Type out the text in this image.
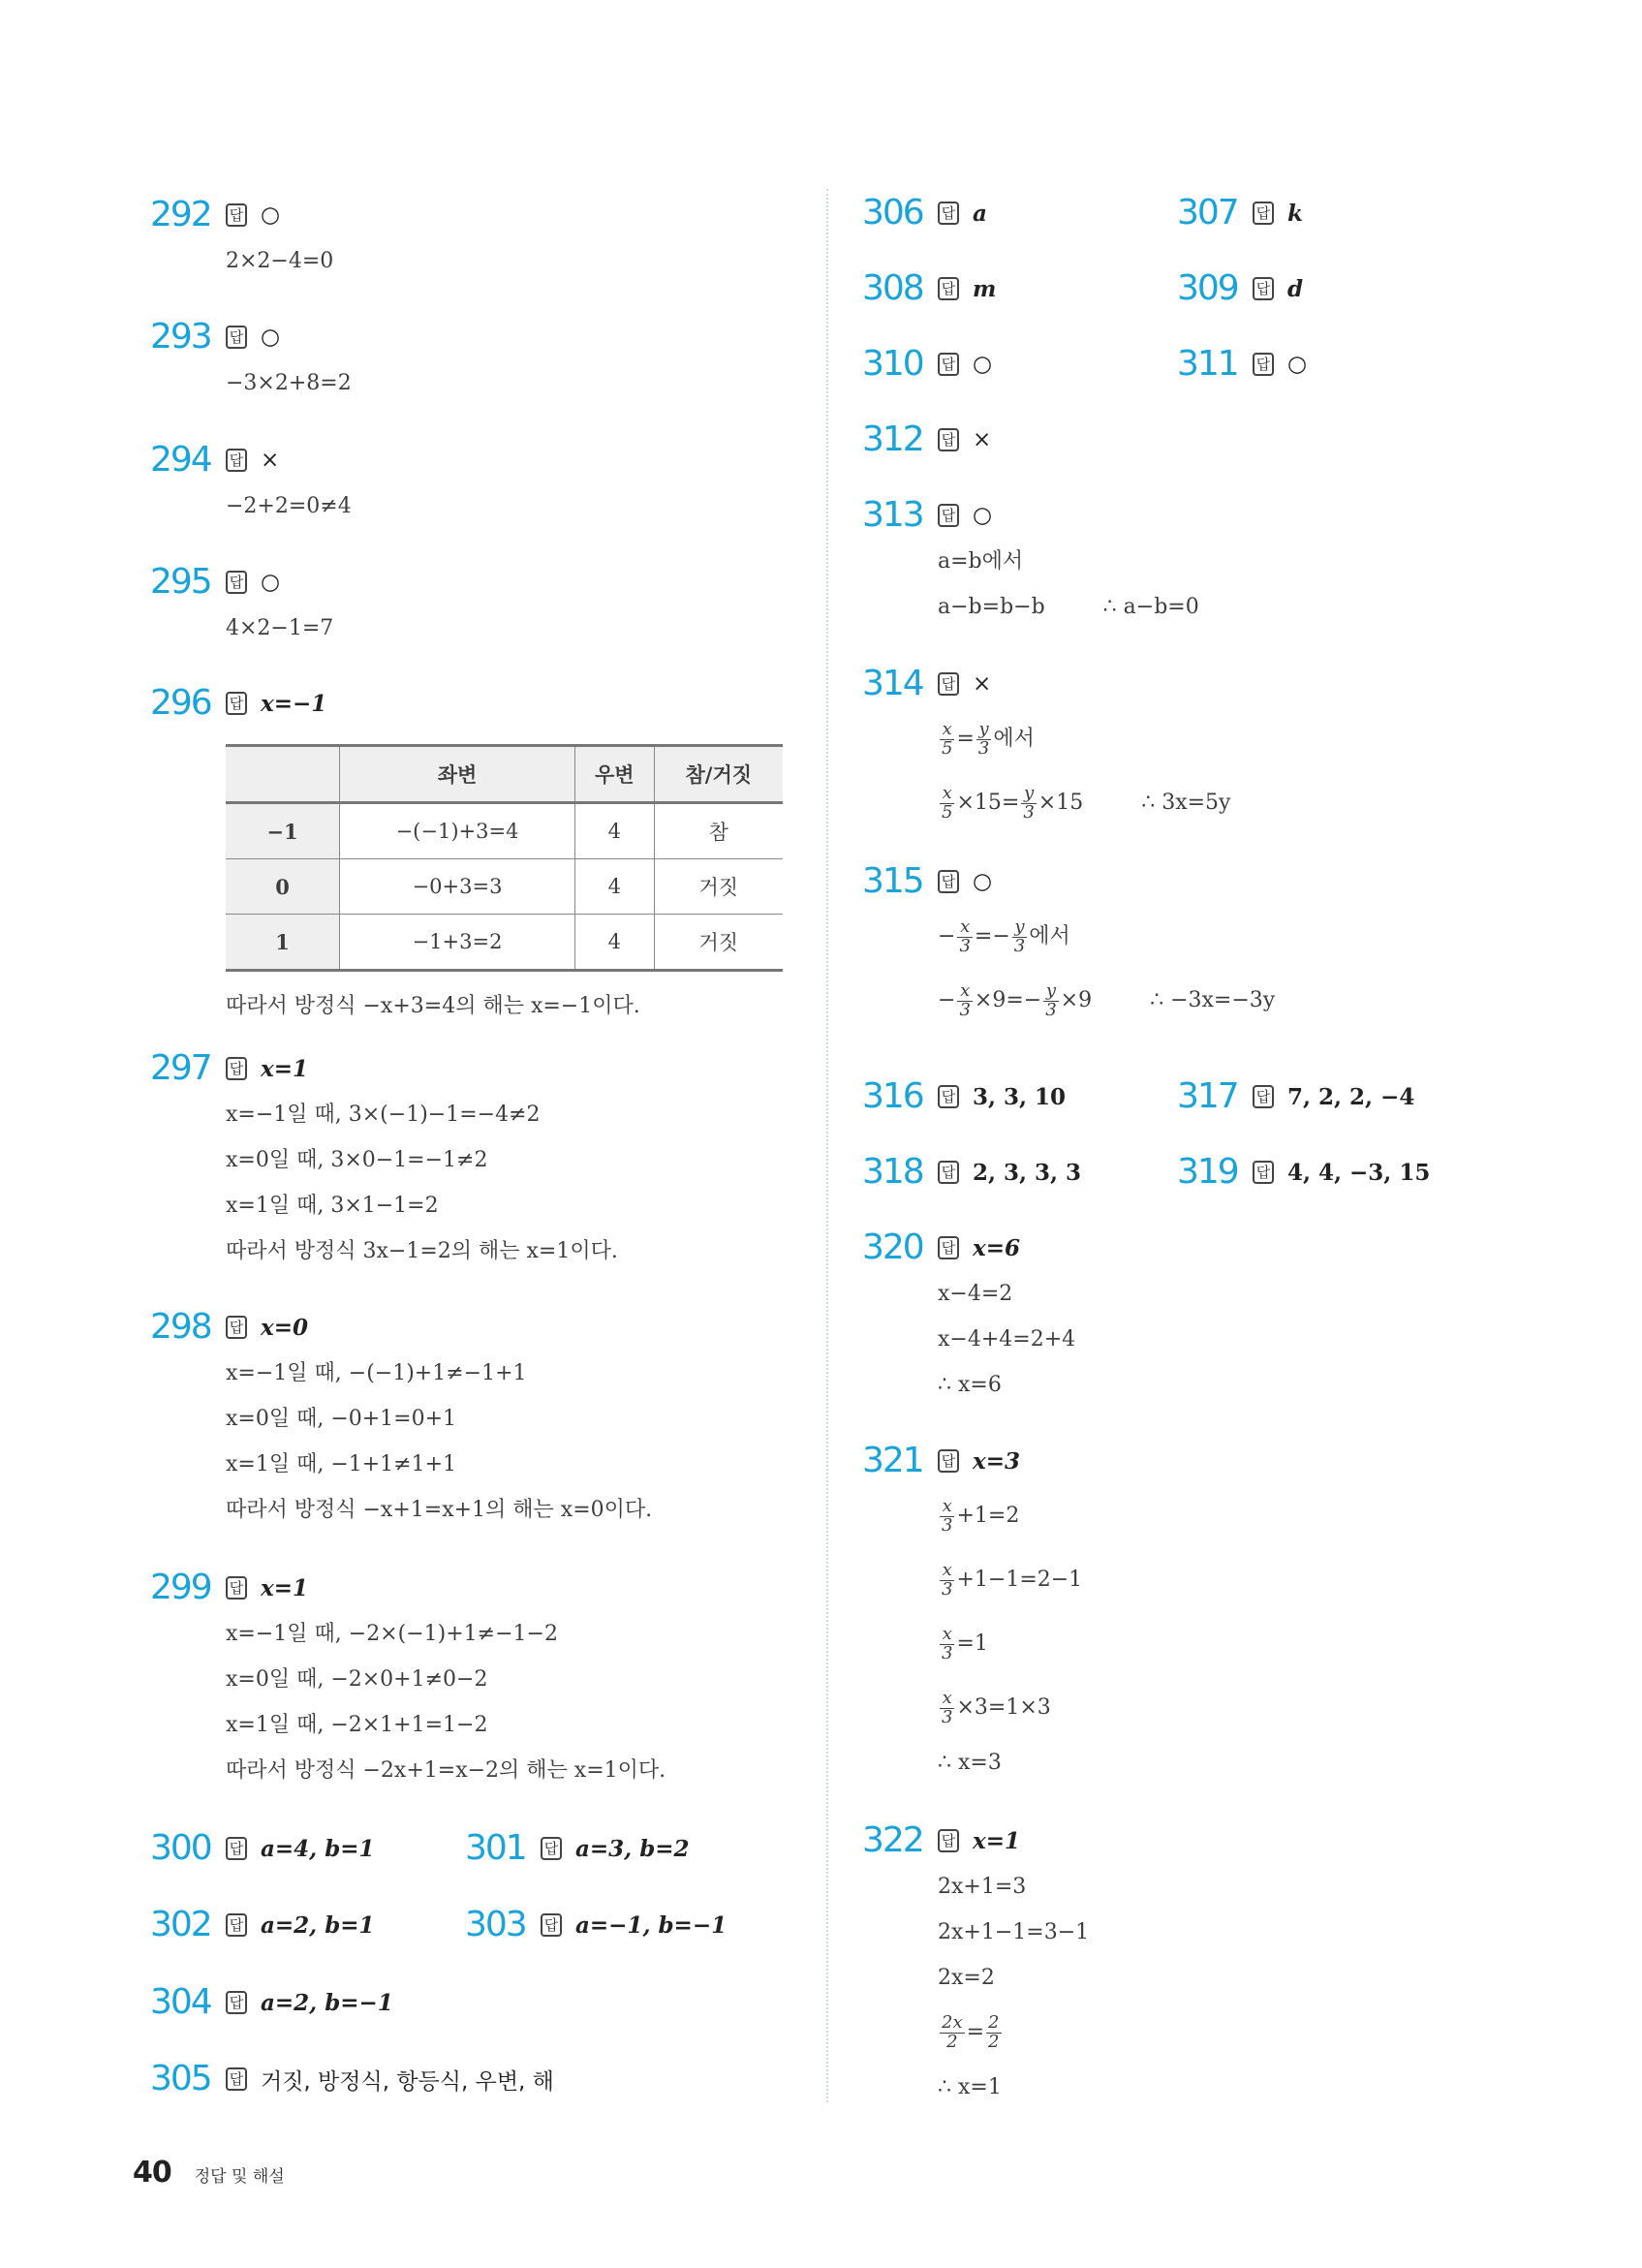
292	답 ○
2×2−4=0
293	답 ○
−3×2+8=2
294	답 ×
−2+2=0≠4
295	답 ○
4×2−1=7
296	답 x=−1
	좌변	우변	참/거짓
−1	−(−1)+3=4	4	참
0	−0+3=3	4	거짓
1	−1+3=2	4	거짓
따라서 방정식 −x+3=4의 해는 x=−1이다.
297	답 x=1
x=−1일 때, 3×(−1)−1=−4≠2
x=0일 때, 3×0−1=−1≠2
x=1일 때, 3×1−1=2
따라서 방정식 3x−1=2의 해는 x=1이다.
298	답 x=0
x=−1일 때, −(−1)+1≠−1+1
x=0일 때, −0+1=0+1
x=1일 때, −1+1≠1+1
따라서 방정식 −x+1=x+1의 해는 x=0이다.
299	답 x=1
x=−1일 때, −2×(−1)+1≠−1−2
x=0일 때, −2×0+1≠0−2
x=1일 때, −2×1+1=1−2
따라서 방정식 −2x+1=x−2의 해는 x=1이다.
300	답 a=4, b=1	301	답 a=3, b=2
302	답 a=2, b=1	303	답 a=−1, b=−1
304	답 a=2, b=−1
305	답 거짓, 방정식, 항등식, 우변, 해
306	답 a	307	답 k
308	답 m	309	답 d
310	답 ○	311	답 ○
312	답 ×
313	답 ○
a=b에서
a−b=b−b	∴ a−b=0
314	답 ×
$\frac{x}{5} = \frac{y}{3}$ 에서
$\frac{x}{5} \times 15= \frac{y}{3} \times 15$	∴ 3x=5y
315	답 ○
− $\frac{x}{3} =- \frac{y}{3}$ 에서
− $\frac{x}{3} \times 9=- \frac{y}{3} \times 9$	∴ −3x=−3y
316	답 3, 3, 10	317	답 7, 2, 2, −4
318	답 2, 3, 3, 3	319	답 4, 4, −3, 15
320	답 x=6
x−4=2
x−4+4=2+4
∴ x=6
321	답 x=3
$\frac{x}{3} +1=2$
$\frac{x}{3} +1-1=2-1$
$\frac{x}{3} =1$
$\frac{x}{3} \times 3=1\times 3$
∴ x=3
322	답 x=1
2x+1=3
2x+1−1=3−1
2x=2
$\frac{2x}{2} = \frac{2}{2}$
∴ x=1
40 정답 및 해설
